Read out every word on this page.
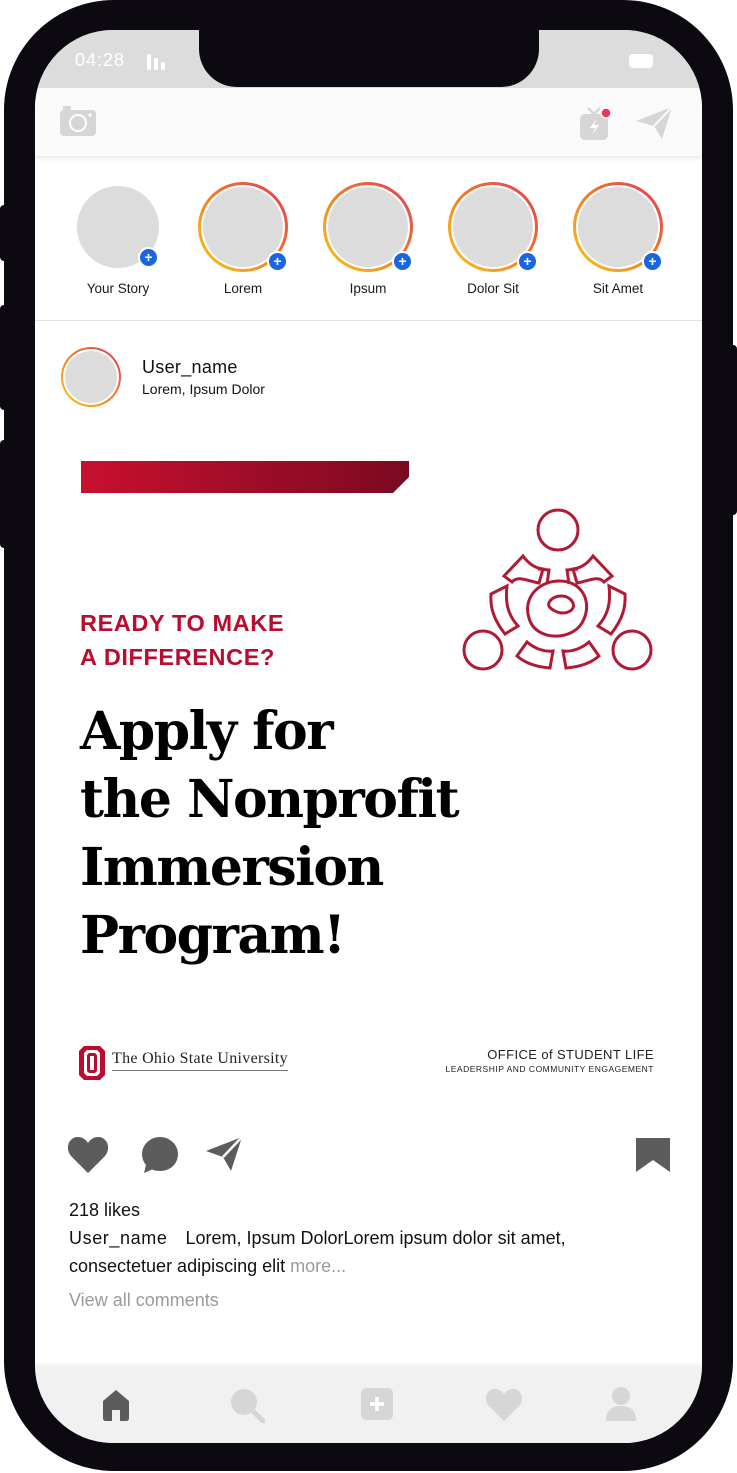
04:28
+
Your Story
+
Lorem
+
Ipsum
+
Dolor Sit
+
Sit Amet
User_name
Lorem, Ipsum Dolor
READY TO MAKE
A DIFFERENCE?
Apply for
the Nonprofit
Immersion
Program!
The Ohio State University	OFFICE of STUDENT LIFE
LEADERSHIP AND COMMUNITY ENGAGEMENT
218 likes
User_name Lorem, Ipsum DolorLorem ipsum dolor sit amet, consectetuer adipiscing elit more...
View all comments
